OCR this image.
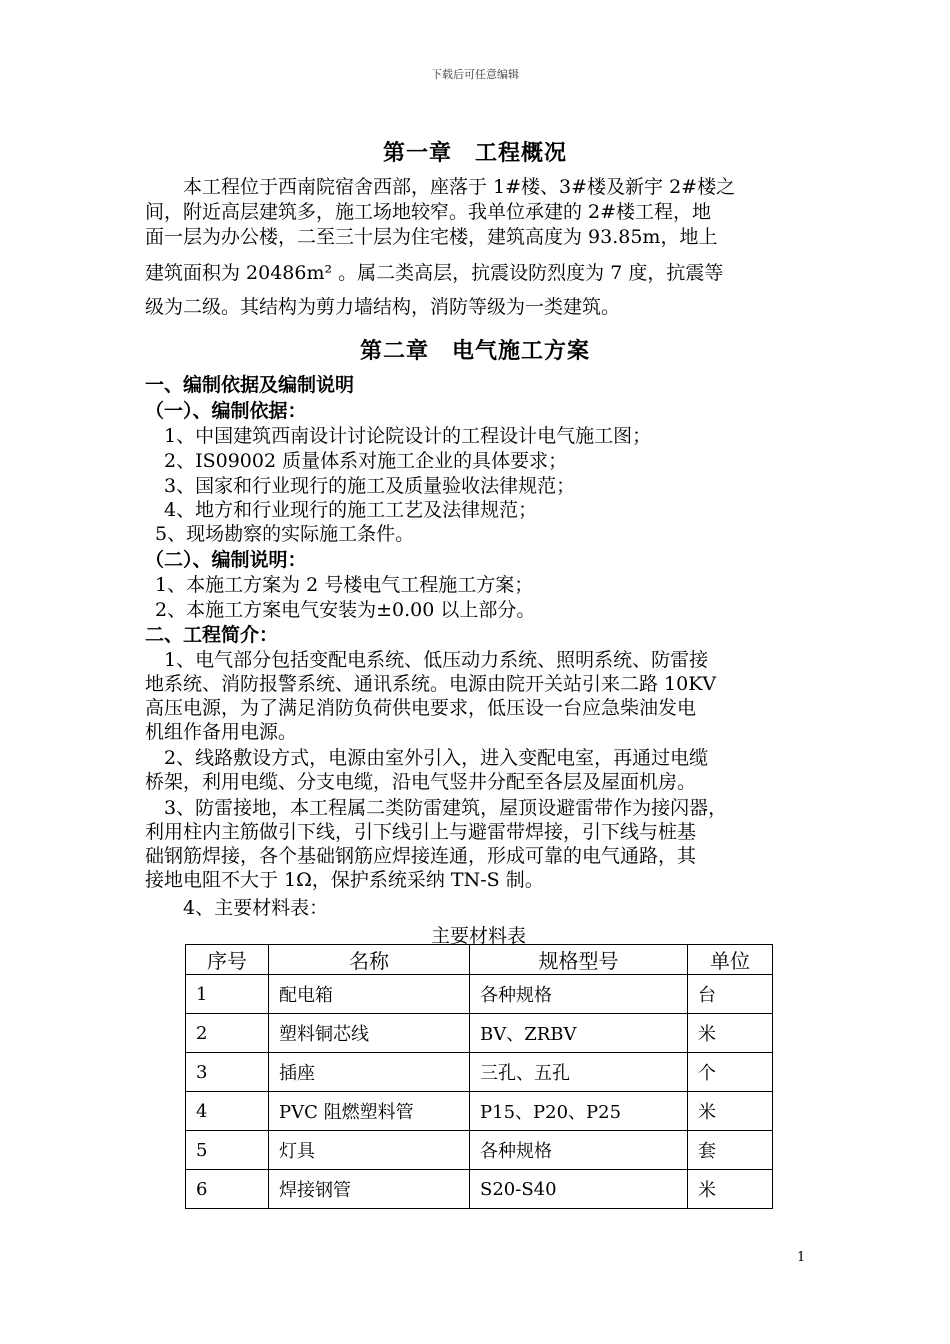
下载后可任意编辑
第一章　工程概况
　　本工程位于西南院宿舍西部，座落于 1#楼、3#楼及新宇 2#楼之
间，附近高层建筑多，施工场地较窄。我单位承建的 2#楼工程，地
面一层为办公楼，二至三十层为住宅楼，建筑高度为 93.85m，地上
建筑面积为 20486m² 。属二类高层，抗震设防烈度为 7 度，抗震等
级为二级。其结构为剪力墙结构，消防等级为一类建筑。
第二章　电气施工方案
一、编制依据及编制说明
（一）、编制依据：
　1、中国建筑西南设计讨论院设计的工程设计电气施工图；
　2、IS09002 质量体系对施工企业的具体要求；
　3、国家和行业现行的施工及质量验收法律规范；
　4、地方和行业现行的施工工艺及法律规范；
5、现场勘察的实际施工条件。
（二）、编制说明：
1、本施工方案为 2 号楼电气工程施工方案；
2、本施工方案电气安装为±0.00 以上部分。
二、工程简介：
　1、电气部分包括变配电系统、低压动力系统、照明系统、防雷接
地系统、消防报警系统、通讯系统。电源由院开关站引来二路 10KV
高压电源，为了满足消防负荷供电要求，低压设一台应急柴油发电
机组作备用电源。
　2、线路敷设方式，电源由室外引入，进入变配电室，再通过电缆
桥架，利用电缆、分支电缆，沿电气竖井分配至各层及屋面机房。
　3、防雷接地，本工程属二类防雷建筑，屋顶设避雷带作为接闪器，
利用柱内主筋做引下线，引下线引上与避雷带焊接，引下线与桩基
础钢筋焊接，各个基础钢筋应焊接连通，形成可靠的电气通路，其
接地电阻不大于 1Ω，保护系统采纳 TN-S 制。
　　4、主要材料表：
主要材料表
序号	名称	规格型号	单位
1	配电箱	各种规格	台
2	塑料铜芯线	BV、ZRBV	米
3	插座	三孔、五孔	个
4	PVC 阻燃塑料管	P15、P20、P25	米
5	灯具	各种规格	套
6	焊接钢管	S20-S40	米
1
